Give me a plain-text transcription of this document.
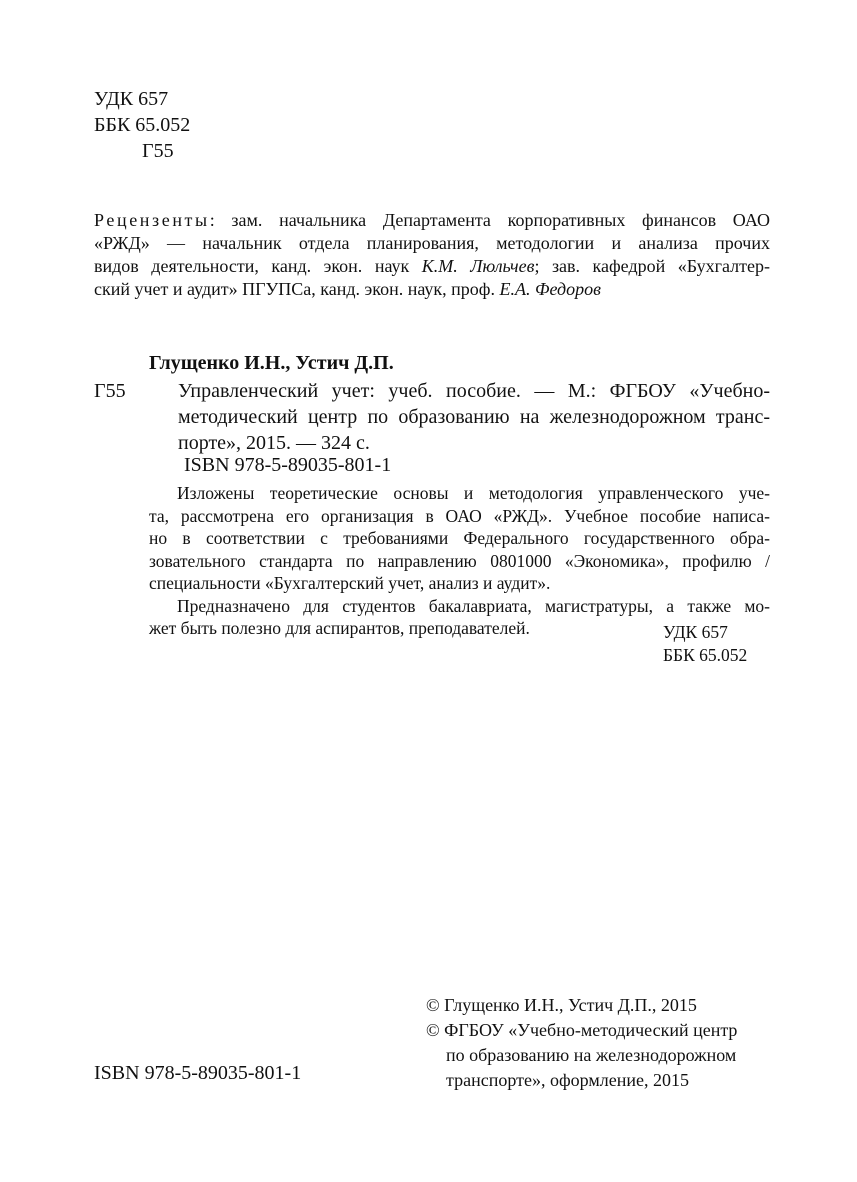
УДК 657
ББК 65.052
Г55
Рецензенты: зам. начальника Департамента корпоративных финансов ОАО
«РЖД» — начальник отдела планирования, методологии и анализа прочих
видов деятельности, канд. экон. наук К.М. Люльчев; зав. кафедрой «Бухгалтер-
ский учет и аудит» ПГУПСа, канд. экон. наук, проф. Е.А. Федоров
Глущенко И.Н., Устич Д.П.
Г55	Управленческий учет: учеб. пособие. — М.: ФГБОУ «Учебно-
методический центр по образованию на железнодорожном транс-
порте», 2015. — 324 с.
ISBN 978-5-89035-801-1
Изложены теоретические основы и методология управленческого уче-
та, рассмотрена его организация в ОАО «РЖД». Учебное пособие написа-
но в соответствии с требованиями Федерального государственного обра-
зовательного стандарта по направлению 0801000 «Экономика», профилю /
специальности «Бухгалтерский учет, анализ и аудит».
Предназначено для студентов бакалавриата, магистратуры, а также мо-
жет быть полезно для аспирантов, преподавателей.	УДК 657
ББК 65.052
ISBN 978-5-89035-801-1
© Глущенко И.Н., Устич Д.П., 2015
© ФГБОУ «Учебно-методический центр
по образованию на железнодорожном
транспорте», оформление, 2015
